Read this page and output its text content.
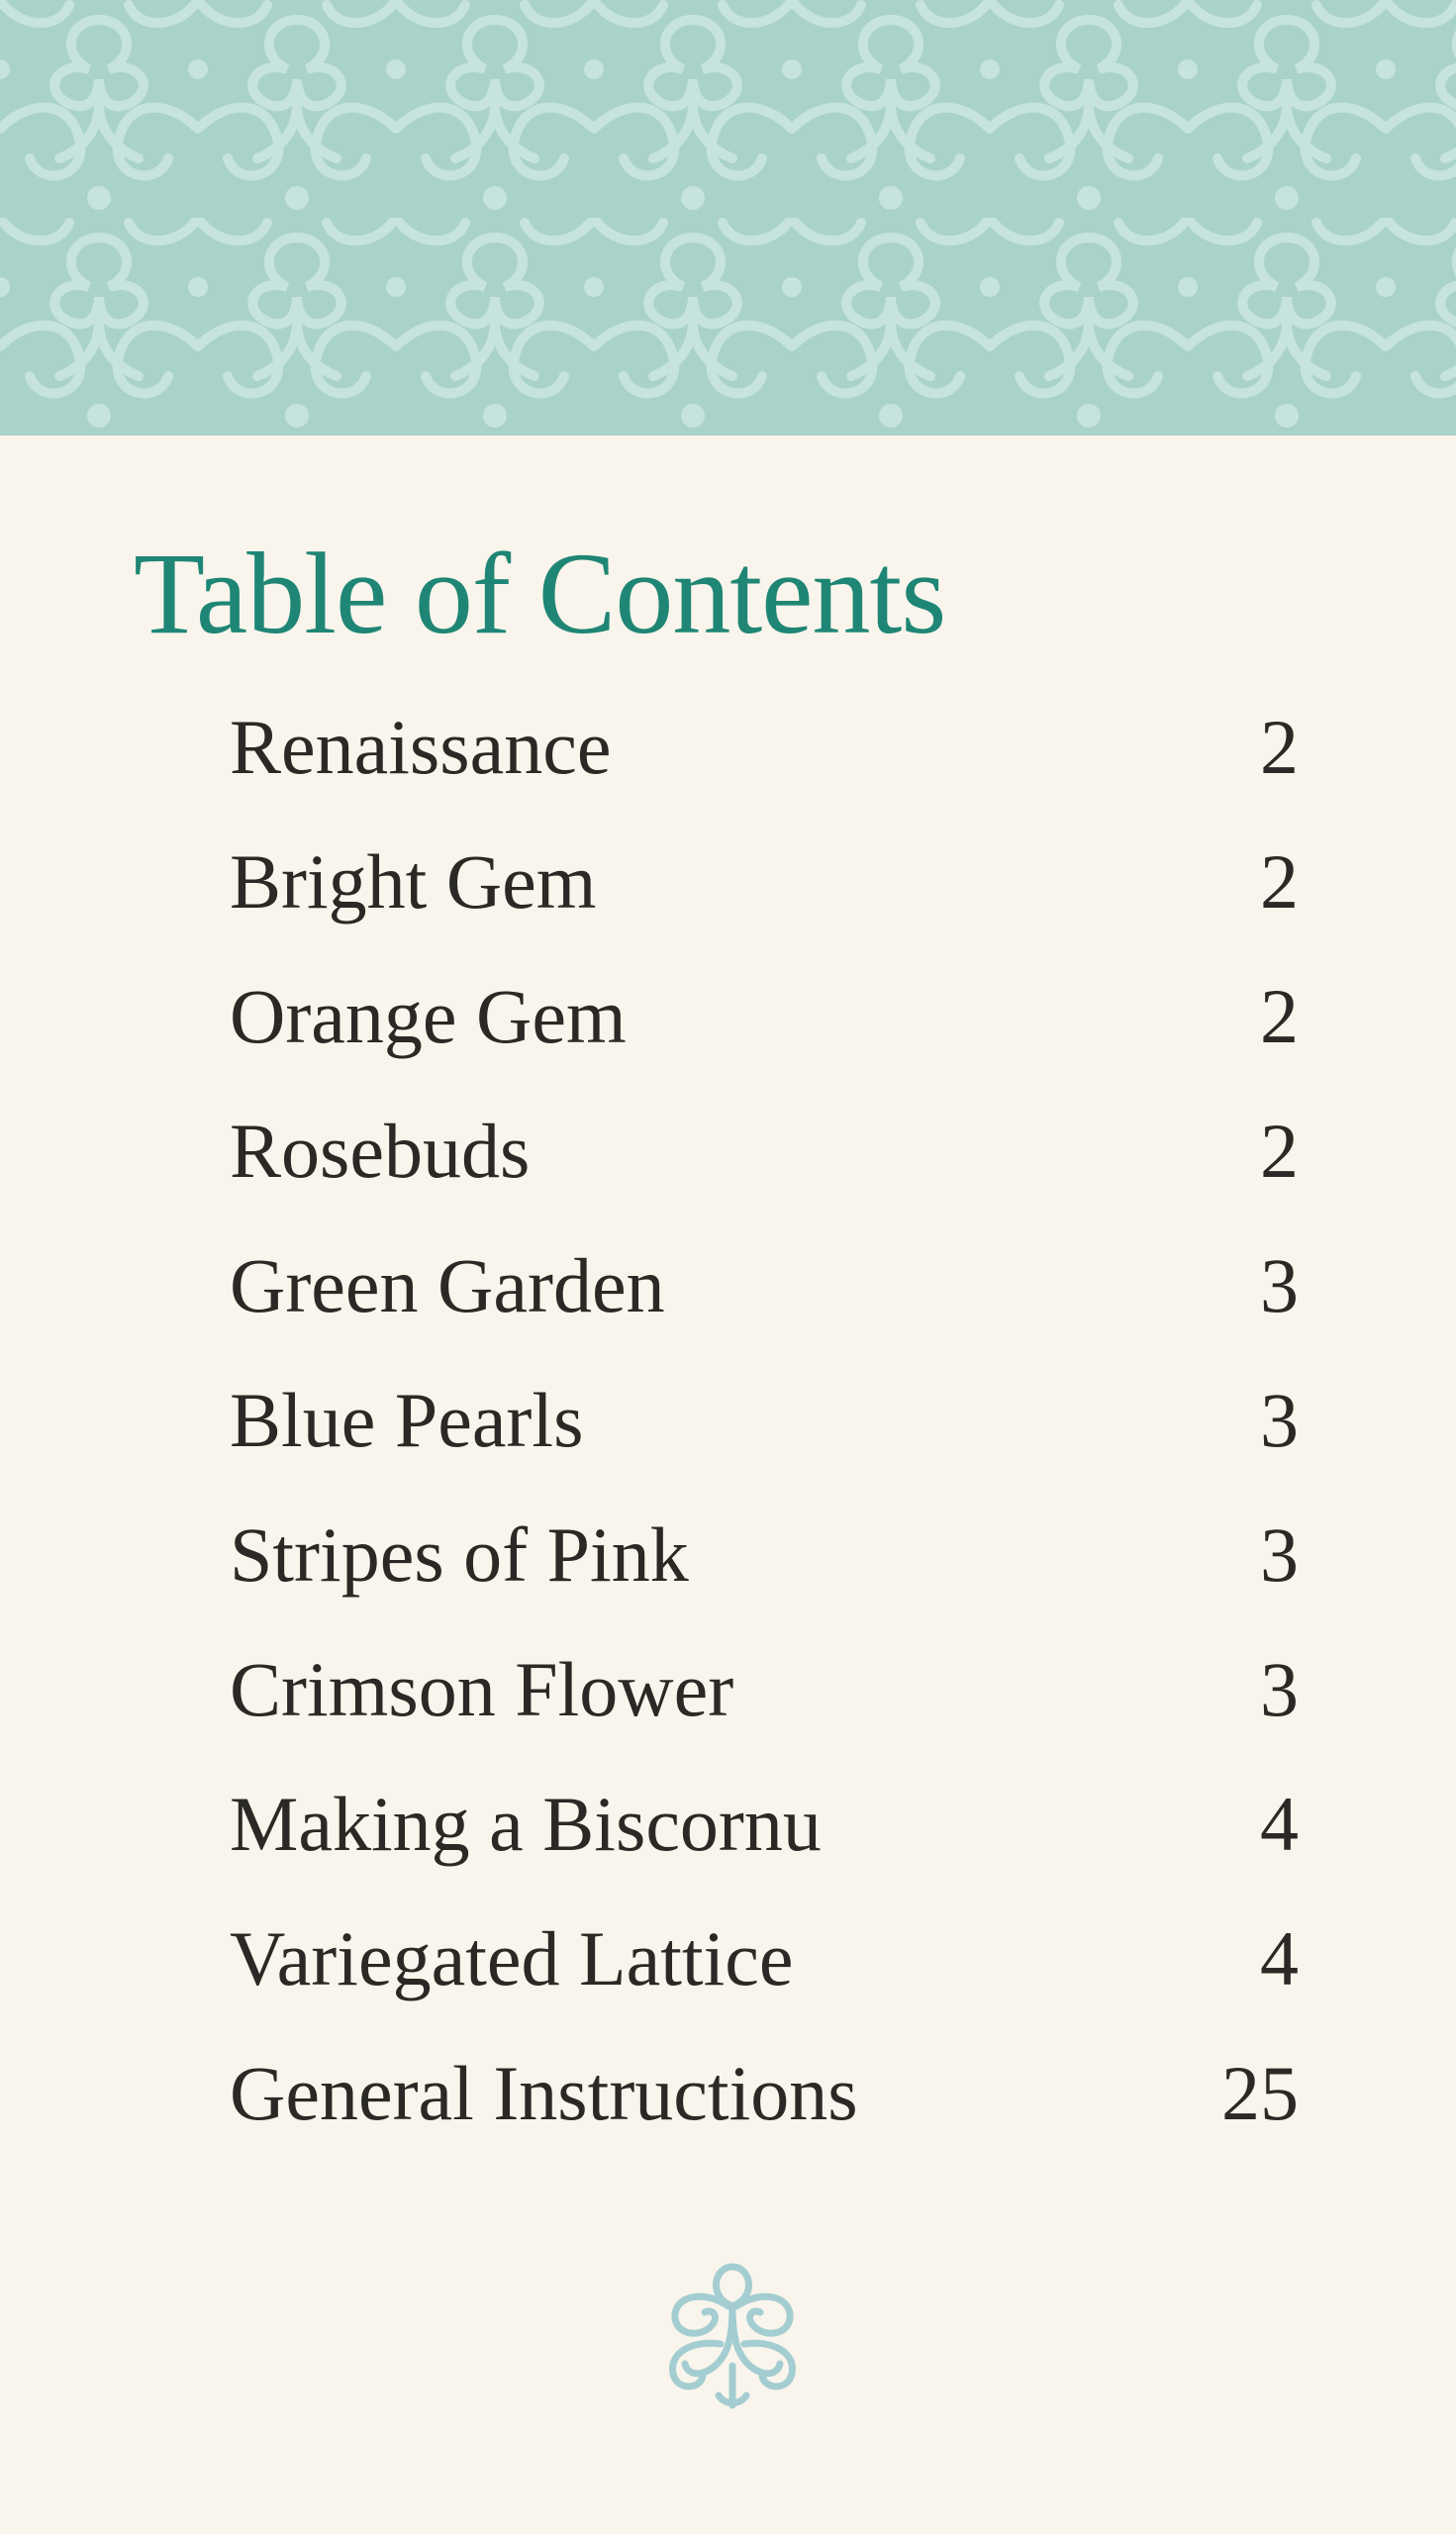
Table of Contents
Renaissance	2
Bright Gem	2
Orange Gem	2
Rosebuds	2
Green Garden	3
Blue Pearls	3
Stripes of Pink	3
Crimson Flower	3
Making a Biscornu	4
Variegated Lattice	4
General Instructions	25
